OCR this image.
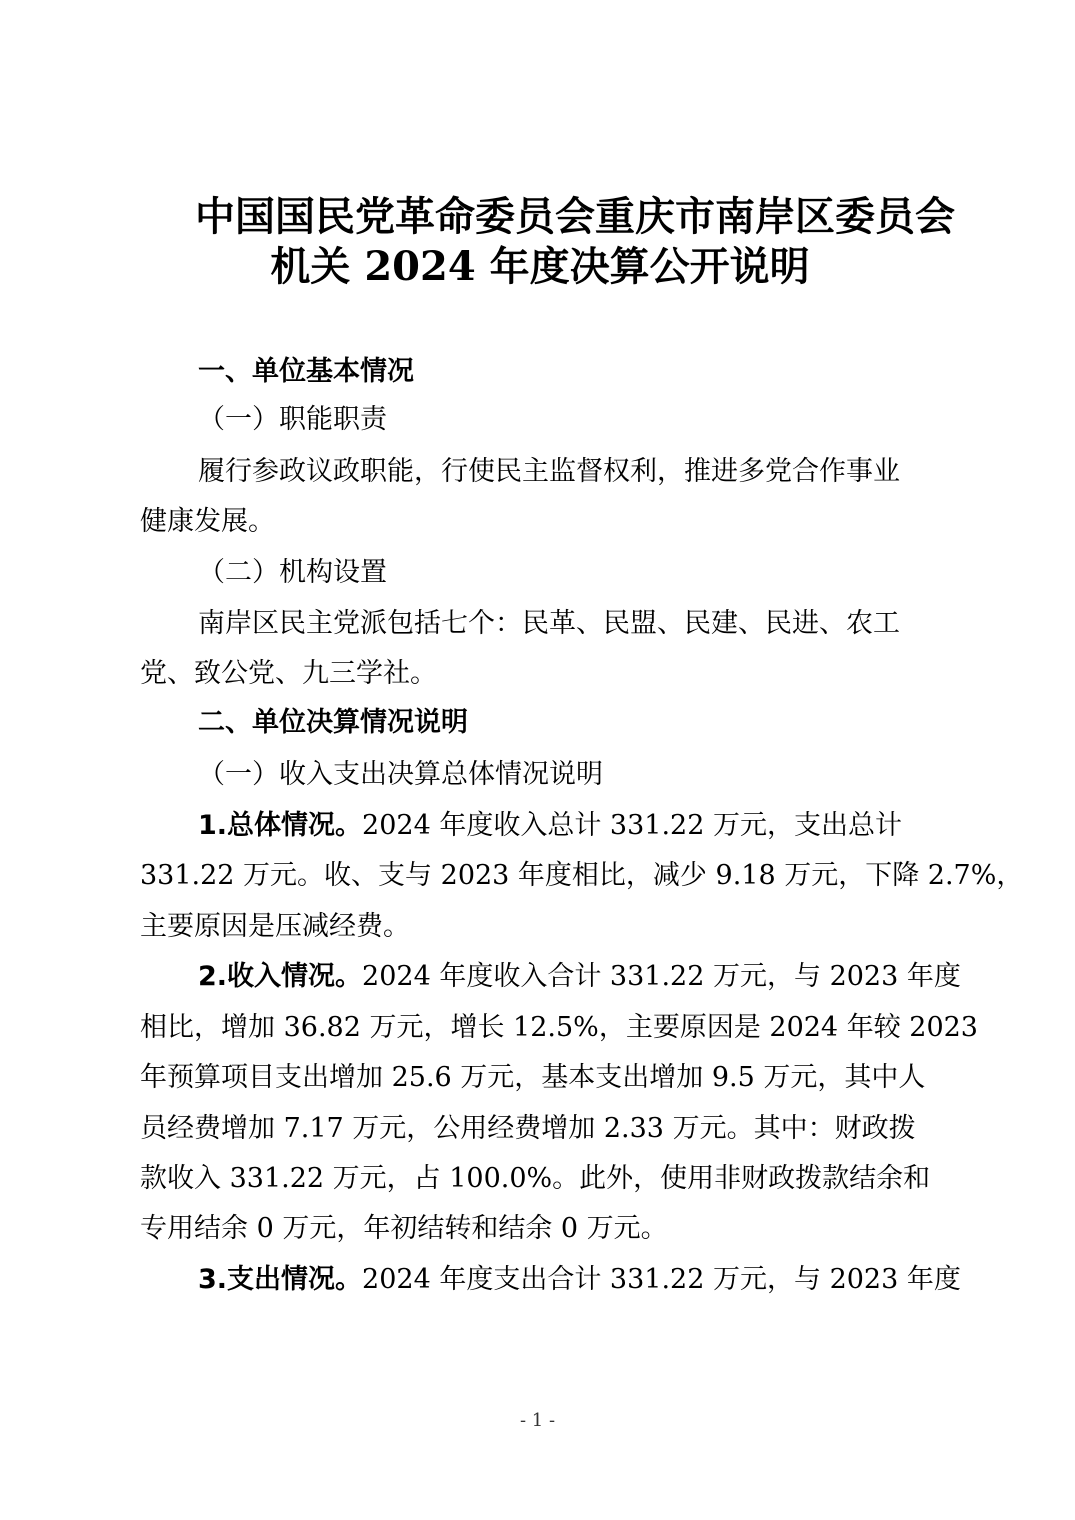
中国国民党革命委员会重庆市南岸区委员会
机关 2024 年度决算公开说明
一、单位基本情况
（一）职能职责
履行参政议政职能，行使民主监督权利，推进多党合作事业
健康发展。
（二）机构设置
南岸区民主党派包括七个：民革、民盟、民建、民进、农工
党、致公党、九三学社。
二、单位决算情况说明
（一）收入支出决算总体情况说明
1.总体情况。2024 年度收入总计 331.22 万元，支出总计
331.22 万元。收、支与 2023 年度相比，减少 9.18 万元，下降 2.7%，
主要原因是压减经费。
2.收入情况。2024 年度收入合计 331.22 万元，与 2023 年度
相比，增加 36.82 万元，增长 12.5%，主要原因是 2024 年较 2023
年预算项目支出增加 25.6 万元，基本支出增加 9.5 万元，其中人
员经费增加 7.17 万元，公用经费增加 2.33 万元。其中：财政拨
款收入 331.22 万元，占 100.0%。此外，使用非财政拨款结余和
专用结余 0 万元，年初结转和结余 0 万元。
3.支出情况。2024 年度支出合计 331.22 万元，与 2023 年度
- 1 -
